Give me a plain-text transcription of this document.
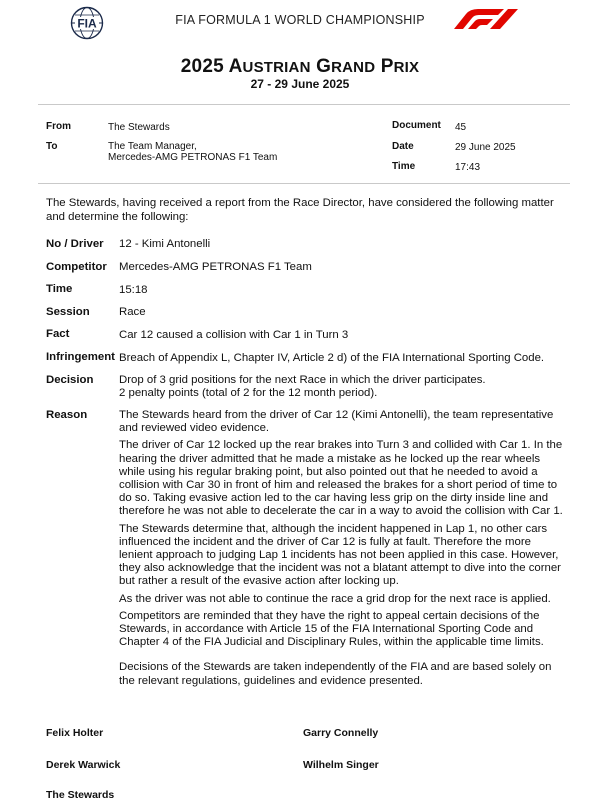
FIA	FIA FORMULA 1 WORLD CHAMPIONSHIP
2025 AUSTRIAN GRAND PRIX
27 - 29 June 2025
From	The Stewards
To	The Team Manager,
Mercedes-AMG PETRONAS F1 Team
Document 45
Date	29 June 2025
Time	17:43
The Stewards, having received a report from the Race Director, have considered the following matter and determine the following:
No / Driver 12 - Kimi Antonelli
Competitor Mercedes-AMG PETRONAS F1 Team
Time	15:18
Session	Race
Fact	Car 12 caused a collision with Car 1 in Turn 3
Infringement Breach of Appendix L, Chapter IV, Article 2 d) of the FIA International Sporting Code.
Decision Drop of 3 grid positions for the next Race in which the driver participates.
2 penalty points (total of 2 for the 12 month period).
Reason	The Stewards heard from the driver of Car 12 (Kimi Antonelli), the team representative and reviewed video evidence.

The driver of Car 12 locked up the rear brakes into Turn 3 and collided with Car 1. In the hearing the driver admitted that he made a mistake as he locked up the rear wheels while using his regular braking point, but also pointed out that he needed to avoid a collision with Car 30 in front of him and released the brakes for a short period of time to do so. Taking evasive action led to the car having less grip on the dirty inside line and therefore he was not able to decelerate the car in a way to avoid the collision with Car 1.

The Stewards determine that, although the incident happened in Lap 1, no other cars influenced the incident and the driver of Car 12 is fully at fault. Therefore the more lenient approach to judging Lap 1 incidents has not been applied in this case. However, they also acknowledge that the incident was not a blatant attempt to dive into the corner but rather a result of the evasive action after locking up.

As the driver was not able to continue the race a grid drop for the next race is applied.

Competitors are reminded that they have the right to appeal certain decisions of the Stewards, in accordance with Article 15 of the FIA International Sporting Code and Chapter 4 of the FIA Judicial and Disciplinary Rules, within the applicable time limits.

Decisions of the Stewards are taken independently of the FIA and are based solely on the relevant regulations, guidelines and evidence presented.

Felix Holter	Garry Connelly
Derek Warwick	Wilhelm Singer
The Stewards
